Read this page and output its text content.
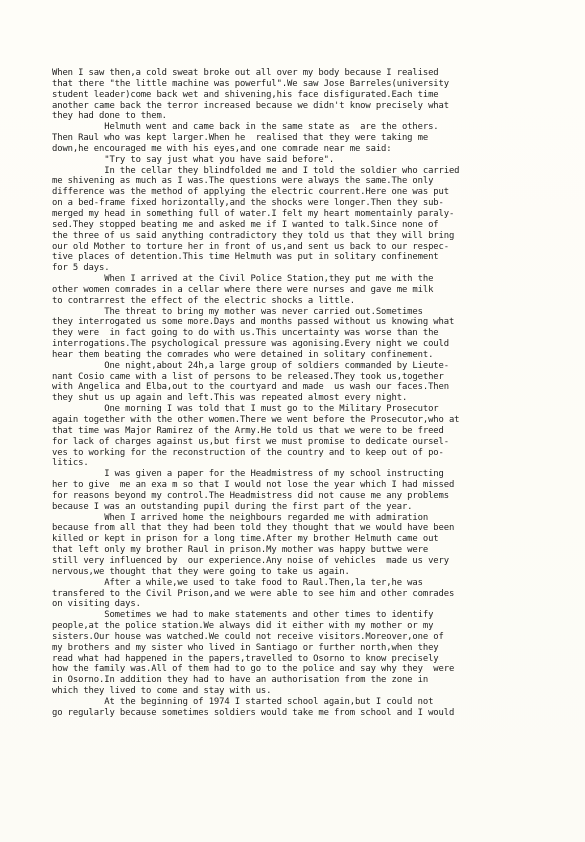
When I saw then,a cold sweat broke out all over my body because I realised
that there "the little machine was powerful".We saw Jose Barreles(university
student leader)come back wet and shivening,his face disfigurated.Each time
another came back the terror increased because we didn't know precisely what
they had done to them.
Helmuth went and came back in the same state as  are the others.
Then Raul who was kept larger.When he  realised that they were taking me
down,he encouraged me with his eyes,and one comrade near me said:
"Try to say just what you have said before".
In the cellar they blindfolded me and I told the soldier who carried
me shivening as much as I was.The questions were always the same.The only
difference was the method of applying the electric courrent.Here one was put
on a bed-frame fixed horizontally,and the shocks were longer.Then they sub-
merged my head in something full of water.I felt my heart momentainly paraly-
sed.They stopped beating me and asked me if I wanted to talk.Since none of
the three of us said anything contradictory they told us that they will bring
our old Mother to torture her in front of us,and sent us back to our respec-
tive places of detention.This time Helmuth was put in solitary confinement
for 5 days.
When I arrived at the Civil Police Station,they put me with the
other women comrades in a cellar where there were nurses and gave me milk
to contrarrest the effect of the electric shocks a little.
The threat to bring my mother was never carried out.Sometimes
they interrogated us some more.Days and months passed without us knowing what
they were  in fact going to do with us.This uncertainty was worse than the
interrogations.The psychological pressure was agonising.Every night we could
hear them beating the comrades who were detained in solitary confinement.
One night,about 24h,a large group of soldiers commanded by Lieute-
nant Cosio came with a list of persons to be released.They took us,together
with Angelica and Elba,out to the courtyard and made  us wash our faces.Then
they shut us up again and left.This was repeated almost every night.
One morning I was told that I must go to the Military Prosecutor
again together with the other women.There we went before the Prosecutor,who at
that time was Major Ramirez of the Army.He told us that we were to be freed
for lack of charges against us,but first we must promise to dedicate oursel-
ves to working for the reconstruction of the country and to keep out of po-
litics.
I was given a paper for the Headmistress of my school instructing
her to give  me an exa m so that I would not lose the year which I had missed
for reasons beyond my control.The Headmistress did not cause me any problems
because I was an outstanding pupil during the first part of the year.
When I arrived home the neighbours regarded me with admiration
because from all that they had been told they thought that we would have been
killed or kept in prison for a long time.After my brother Helmuth came out
that left only my brother Raul in prison.My mother was happy buttwe were
still very influenced by  our experience.Any noise of vehicles  made us very
nervous,we thought that they were going to take us again.
After a while,we used to take food to Raul.Then,la ter,he was
transfered to the Civil Prison,and we were able to see him and other comrades
on visiting days.
Sometimes we had to make statements and other times to identify
people,at the police station.We always did it either with my mother or my
sisters.Our house was watched.We could not receive visitors.Moreover,one of
my brothers and my sister who lived in Santiago or further north,when they
read what had happened in the papers,travelled to Osorno to know precisely
how the family was.All of them had to go to the police and say why they  were
in Osorno.In addition they had to have an authorisation from the zone in
which they lived to come and stay with us.
At the beginning of 1974 I started school again,but I could not
go regularly because sometimes soldiers would take me from school and I would
